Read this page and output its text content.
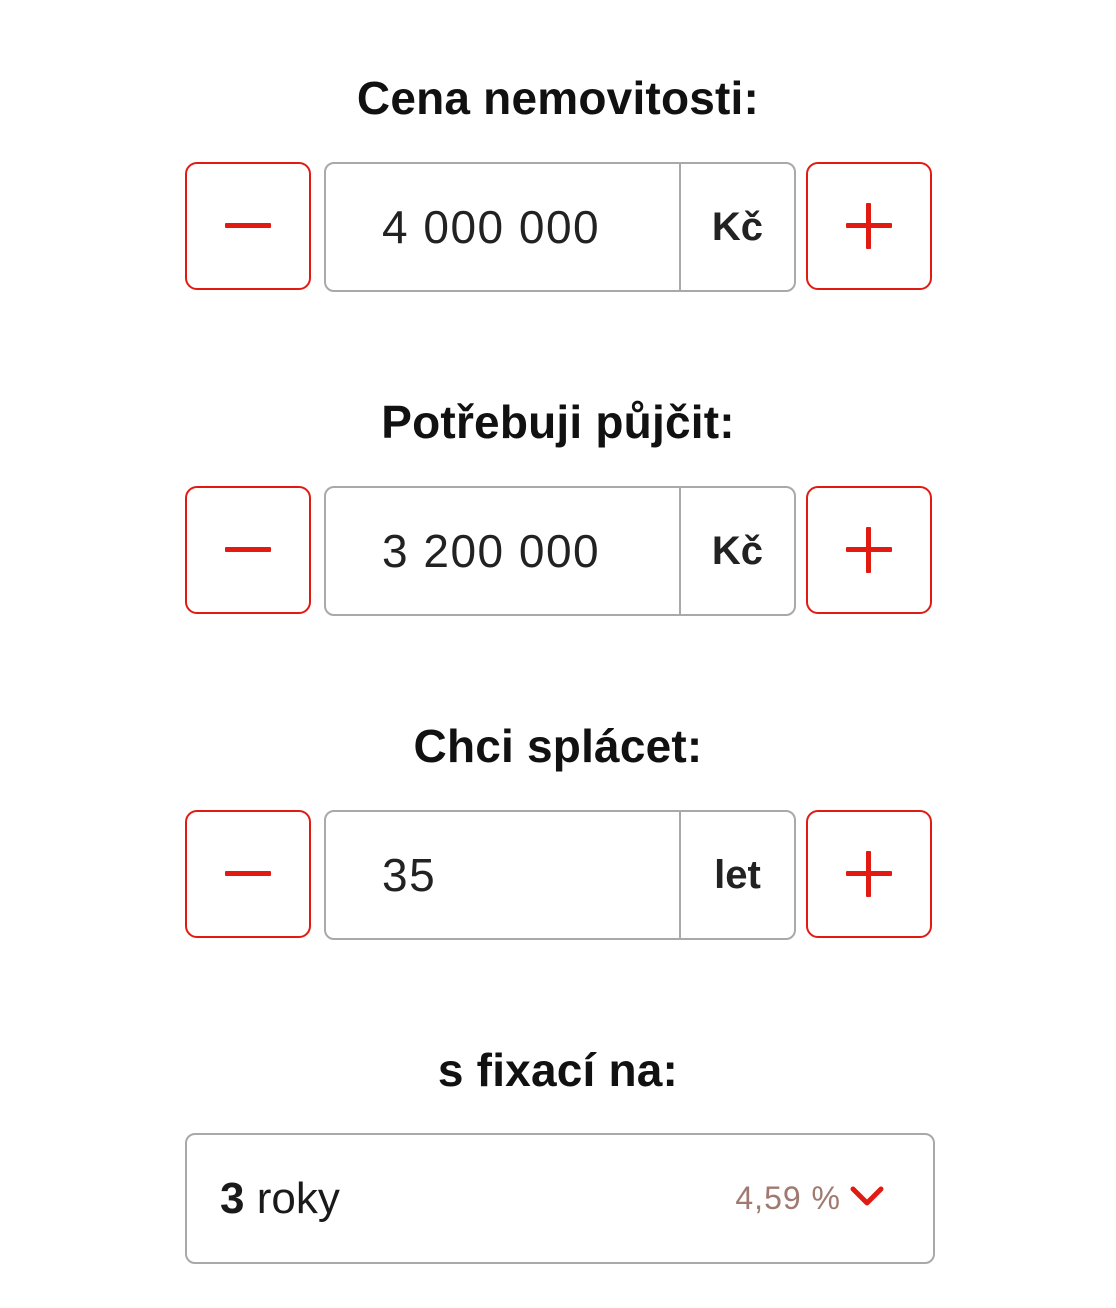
Cena nemovitosti:
4 000 000
Kč
Potřebuji půjčit:
3 200 000
Kč
Chci splácet:
35
let
s fixací na:
3 roky	4,59 %
